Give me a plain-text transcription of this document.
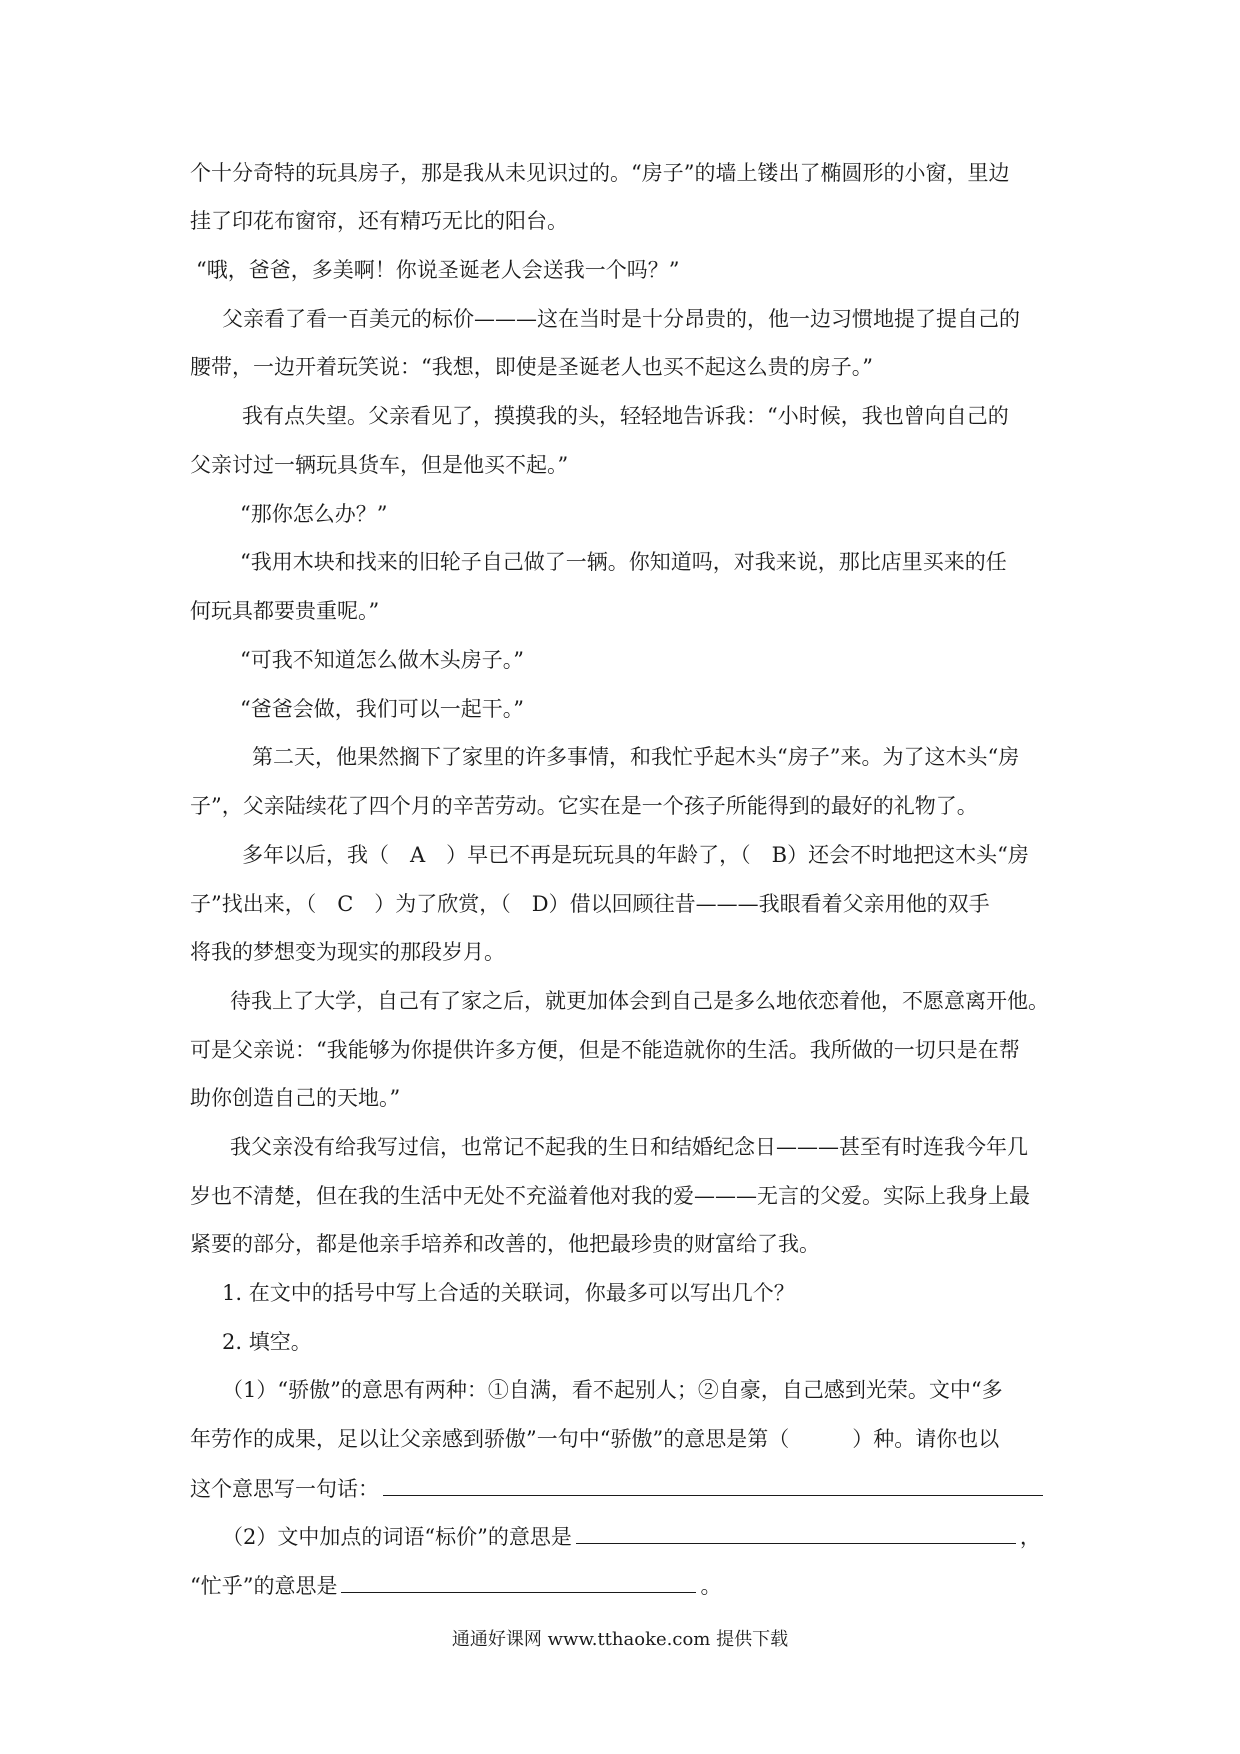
个十分奇特的玩具房子，那是我从未见识过的。“房子”的墙上镂出了椭圆形的小窗，里边
挂了印花布窗帘，还有精巧无比的阳台。
“哦，爸爸，多美啊！你说圣诞老人会送我一个吗？”
父亲看了看一百美元的标价———这在当时是十分昂贵的，他一边习惯地提了提自己的
腰带，一边开着玩笑说：“我想，即使是圣诞老人也买不起这么贵的房子。”
我有点失望。父亲看见了，摸摸我的头，轻轻地告诉我：“小时候，我也曾向自己的
父亲讨过一辆玩具货车，但是他买不起。”
“那你怎么办？”
“我用木块和找来的旧轮子自己做了一辆。你知道吗，对我来说，那比店里买来的任
何玩具都要贵重呢。”
“可我不知道怎么做木头房子。”
“爸爸会做，我们可以一起干。”
第二天，他果然搁下了家里的许多事情，和我忙乎起木头“房子”来。为了这木头“房
子”，父亲陆续花了四个月的辛苦劳动。它实在是一个孩子所能得到的最好的礼物了。
多年以后，我（　A　）早已不再是玩玩具的年龄了，（　B）还会不时地把这木头“房
子”找出来，（　C　）为了欣赏，（　D）借以回顾往昔———我眼看着父亲用他的双手
将我的梦想变为现实的那段岁月。
待我上了大学，自己有了家之后，就更加体会到自己是多么地依恋着他，不愿意离开他。
可是父亲说：“我能够为你提供许多方便，但是不能造就你的生活。我所做的一切只是在帮
助你创造自己的天地。”
我父亲没有给我写过信，也常记不起我的生日和结婚纪念日———甚至有时连我今年几
岁也不清楚，但在我的生活中无处不充溢着他对我的爱———无言的父爱。实际上我身上最
紧要的部分，都是他亲手培养和改善的，他把最珍贵的财富给了我。
1. 在文中的括号中写上合适的关联词，你最多可以写出几个？
2. 填空。
（1）“骄傲”的意思有两种：①自满，看不起别人；②自豪，自己感到光荣。文中“多
年劳作的成果，足以让父亲感到骄傲”一句中“骄傲”的意思是第（　　　）种。请你也以
这个意思写一句话：
（2）文中加点的词语“标价”的意思是	，
“忙乎”的意思是	。
通通好课网 www.tthaoke.com 提供下载
